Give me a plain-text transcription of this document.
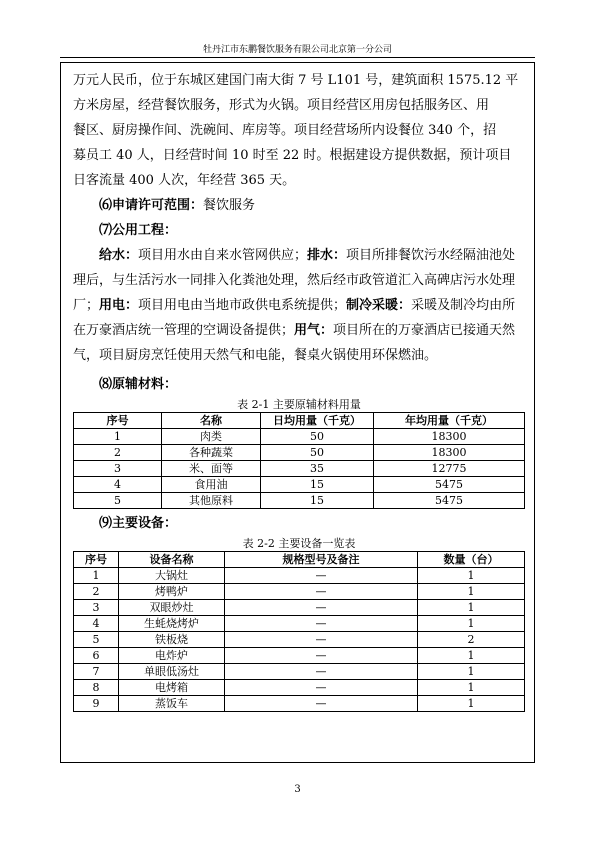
牡丹江市东鹏餐饮服务有限公司北京第一分公司

万元人民币，位于东城区建国门南大街 7 号 L101 号，建筑面积 1575.12 平

方米房屋，经营餐饮服务，形式为火锅。项目经营区用房包括服务区、用

餐区、厨房操作间、洗碗间、库房等。项目经营场所内设餐位 340 个，招

募员工 40 人，日经营时间 10 时至 22 时。根据建设方提供数据，预计项目

日客流量 400 人次，年经营 365 天。

⑹申请许可范围：餐饮服务

⑺公用工程：

给水：项目用水由自来水管网供应；排水：项目所排餐饮污水经隔油池处理后，与生活污水一同排入化粪池处理，然后经市政管道汇入高碑店污水处理厂；用电：项目用电由当地市政供电系统提供；制冷采暖：采暖及制冷均由所在万豪酒店统一管理的空调设备提供；用气：项目所在的万豪酒店已接通天然气，项目厨房烹饪使用天然气和电能，餐桌火锅使用环保燃油。

⑻原辅材料：

表 2-1 主要原辅材料用量
序号	名称	日均用量（千克）	年均用量（千克）
1	肉类	50	18300
2	各种蔬菜	50	18300
3	米、面等	35	12775
4	食用油	15	5475
5	其他原料	15	5475

⑼主要设备：

表 2-2 主要设备一览表
序号	设备名称	规格型号及备注	数量（台）
1	大锅灶	—	1
2	烤鸭炉	—	1
3	双眼炒灶	—	1
4	生蚝烧烤炉	—	1
5	铁板烧	—	2
6	电炸炉	—	1
7	单眼低汤灶	—	1
8	电烤箱	—	1
9	蒸饭车	—	1
3
